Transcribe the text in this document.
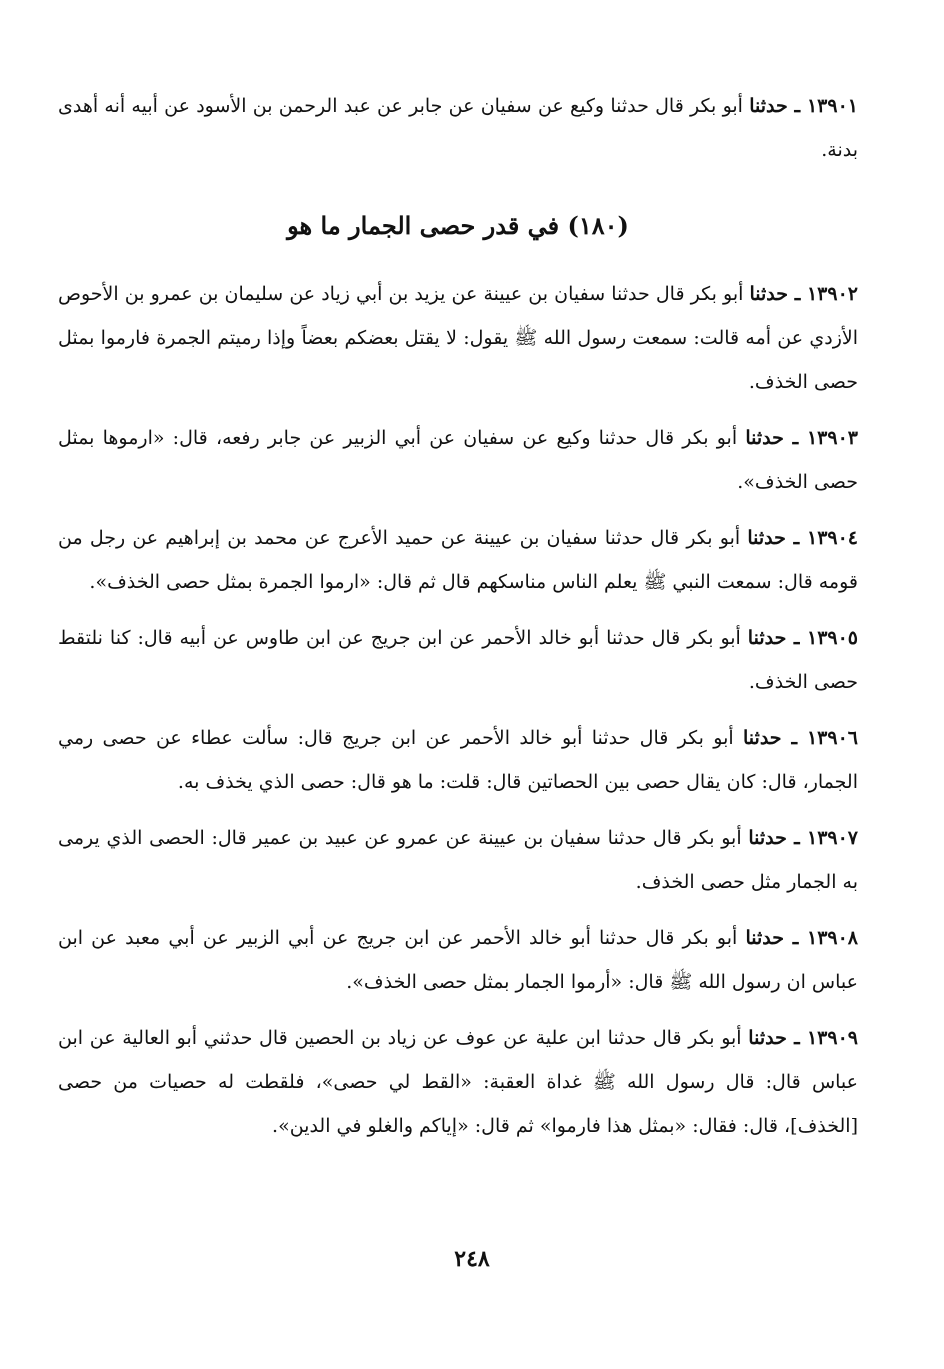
١٣٩٠١ ـ حدثنا أبو بكر قال حدثنا وكيع عن سفيان عن جابر عن عبد الرحمن بن الأسود عن أبيه أنه أهدى بدنة.

(١٨٠) في قدر حصى الجمار ما هو

١٣٩٠٢ ـ حدثنا أبو بكر قال حدثنا سفيان بن عيينة عن يزيد بن أبي زياد عن سليمان بن عمرو بن الأحوص الأزدي عن أمه قالت: سمعت رسول الله ﷺ يقول: لا يقتل بعضكم بعضاً وإذا رميتم الجمرة فارموا بمثل حصى الخذف.

١٣٩٠٣ ـ حدثنا أبو بكر قال حدثنا وكيع عن سفيان عن أبي الزبير عن جابر رفعه، قال: «ارموها بمثل حصى الخذف».

١٣٩٠٤ ـ حدثنا أبو بكر قال حدثنا سفيان بن عيينة عن حميد الأعرج عن محمد بن إبراهيم عن رجل من قومه قال: سمعت النبي ﷺ يعلم الناس مناسكهم قال ثم قال: «ارموا الجمرة بمثل حصى الخذف».

١٣٩٠٥ ـ حدثنا أبو بكر قال حدثنا أبو خالد الأحمر عن ابن جريج عن ابن طاوس عن أبيه قال: كنا نلتقط حصى الخذف.

١٣٩٠٦ ـ حدثنا أبو بكر قال حدثنا أبو خالد الأحمر عن ابن جريج قال: سألت عطاء عن حصى رمي الجمار، قال: كان يقال حصى بين الحصاتين قال: قلت: ما هو قال: حصى الذي يخذف به.

١٣٩٠٧ ـ حدثنا أبو بكر قال حدثنا سفيان بن عيينة عن عمرو عن عبيد بن عمير قال: الحصى الذي يرمى به الجمار مثل حصى الخذف.

١٣٩٠٨ ـ حدثنا أبو بكر قال حدثنا أبو خالد الأحمر عن ابن جريج عن أبي الزبير عن أبي معبد عن ابن عباس ان رسول الله ﷺ قال: «أرموا الجمار بمثل حصى الخذف».

١٣٩٠٩ ـ حدثنا أبو بكر قال حدثنا ابن علية عن عوف عن زياد بن الحصين قال حدثني أبو العالية عن ابن عباس قال: قال رسول الله ﷺ غداة العقبة: «القط لي حصى»، فلقطت له حصيات من حصى [الخذف]، قال: فقال: «بمثل هذا فارموا» ثم قال: «إياكم والغلو في الدين».

٢٤٨
